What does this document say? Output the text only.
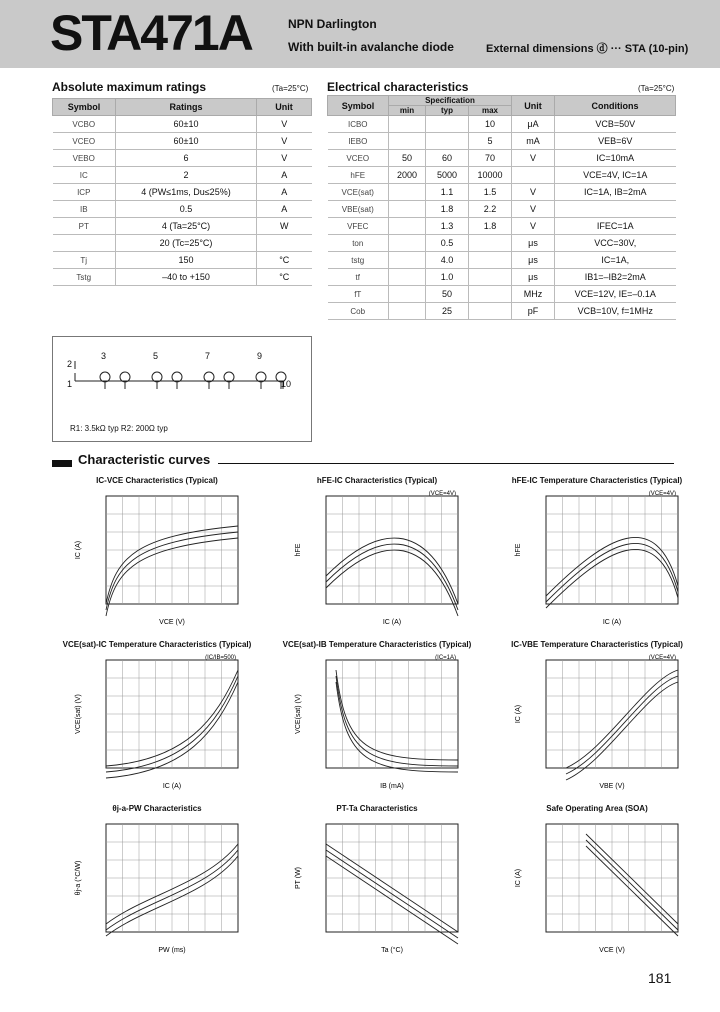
STA471A	NPN Darlington
With built-in avalanche diode	External dimensions ⓓ ··· STA (10-pin)
Absolute maximum ratings	(Ta=25°C)
Symbol	Ratings	Unit
VCBO	60±10	V
VCEO	60±10	V
VEBO	6	V
IC	2	A
ICP	4 (PW≤1ms, Du≤25%)	A
IB	0.5	A
PT	4 (Ta=25°C)	W
	20 (Tc=25°C)	
Tj	150	°C
Tstg	–40 to +150	°C
Electrical characteristics	(Ta=25°C)
Symbol	Specification			Unit	Conditions
	min	typ	max		
ICBO			10	μA	VCB=50V
IEBO			5	mA	VEB=6V
VCEO	50	60	70	V	IC=10mA
hFE	2000	5000	10000		VCE=4V, IC=1A
VCE(sat)		1.1	1.5	V	IC=1A, IB=2mA
VBE(sat)		1.8	2.2	V	
VFEC		1.3	1.8	V	IFEC=1A
ton		0.5		μs	VCC=30V,
tstg		4.0		μs	IC=1A,
tf		1.0		μs	IB1=–IB2=2mA
fT		50		MHz	VCE=12V, IE=–0.1A
Cob		25		pF	VCB=10V, f=1MHz
3	5	7	9
2
1	10
R1: 3.5kΩ typ R2: 200Ω typ
Characteristic curves
IC-VCE Characteristics (Typical)
VCE (V)
IC (A)
hFE-IC Characteristics (Typical)
IC (A)
hFE
(VCE=4V)
hFE-IC Temperature Characteristics (Typical)
IC (A)
hFE
(VCE=4V)
VCE(sat)-IC Temperature Characteristics (Typical)
IC (A)
VCE(sat) (V)
(IC/IB=500)
VCE(sat)-IB Temperature Characteristics (Typical)
IB (mA)
VCE(sat) (V)
(IC=1A)
IC-VBE Temperature Characteristics (Typical)
VBE (V)
IC (A)
(VCE=4V)
θj-a-PW Characteristics
PW (ms)
θj-a (°C/W)
PT-Ta Characteristics
Ta (°C)
PT (W)
Safe Operating Area (SOA)
VCE (V)
IC (A)
181
